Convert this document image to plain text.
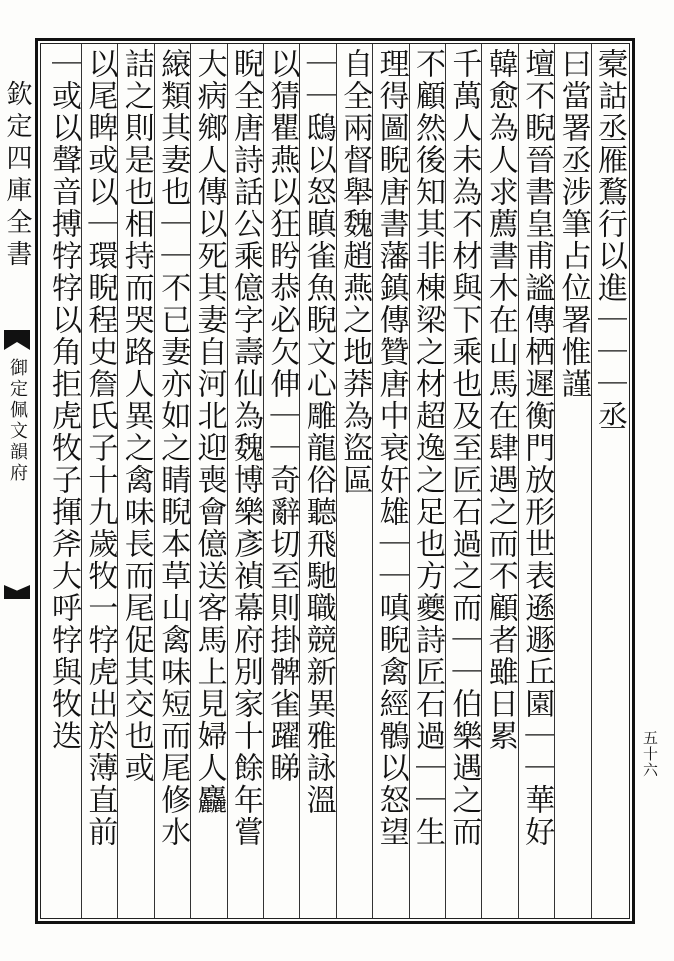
欽定四庫全書
御定佩文韻府	槖詁丞雁鶩行以進｜｜｜丞
曰當署丞涉筆占位署惟謹
壇不睨晉書皇甫謐傳栖遲衡門放形世表遜遯丘園｜｜華好
韓愈為人求薦書木在山馬在肆遇之而不顧者雖日累
千萬人未為不材與下乘也及至匠石過之而｜｜伯樂遇之而
不顧然後知其非棟梁之材超逸之足也方夔詩匠石過｜｜生
理得圖睨唐書藩鎮傳贊唐中衰奸雄｜｜嗔睨禽經鶻以怒望
自全兩督舉魏趙燕之地莽為盜區
｜｜鴟以怒瞋雀魚睨文心雕龍俗聽飛馳職競新異雅詠溫
以猜瞿燕以狂盻恭必欠伸｜｜奇辭切至則掛髀雀躍睇
睨全唐詩話公乘億字壽仙為魏博樂彥禎幕府別家十餘年嘗
大病鄉人傳以死其妻自河北迎喪會億送客馬上見婦人麤
縗類其妻也｜｜不已妻亦如之睛睨本草山禽味短而尾修水
詰之則是也相持而哭路人異之禽味長而尾促其交也或
以尾睥或以｜環睨程史詹氏子十九歲牧一牸虎出於薄直前
｜或以聲音搏牸牸以角拒虎牧子揮斧大呼牸與牧迭
五十六
